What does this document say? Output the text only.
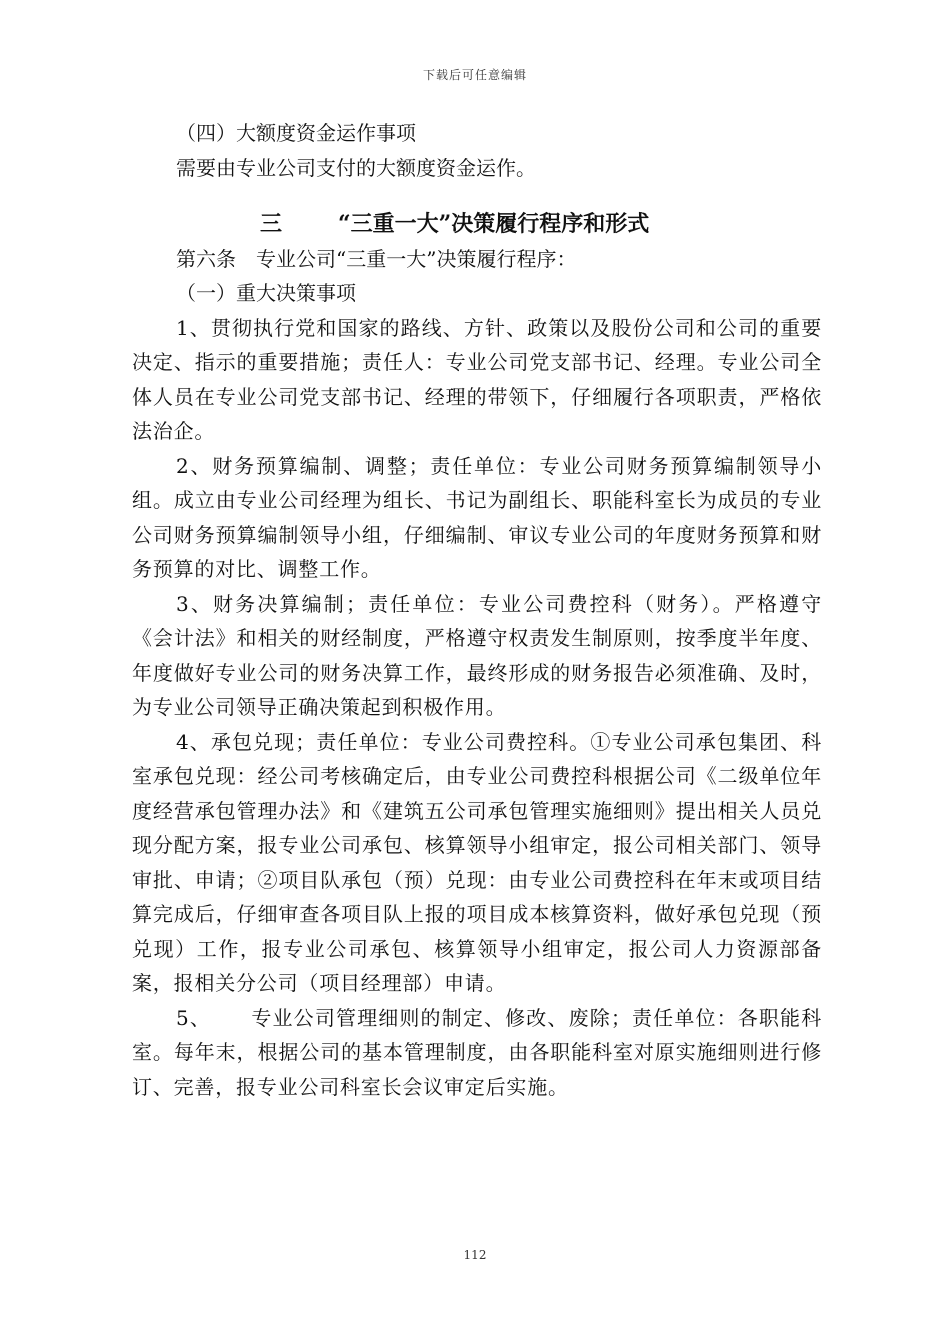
下载后可任意编辑

（四）大额度资金运作事项

需要由专业公司支付的大额度资金运作。

三	“三重一大”决策履行程序和形式

第六条　专业公司“三重一大”决策履行程序：

（一）重大决策事项

1、贯彻执行党和国家的路线、方针、政策以及股份公司和公司的重要决定、指示的重要措施；责任人：专业公司党支部书记、经理。专业公司全体人员在专业公司党支部书记、经理的带领下，仔细履行各项职责，严格依法治企。

2、财务预算编制、调整；责任单位：专业公司财务预算编制领导小组。成立由专业公司经理为组长、书记为副组长、职能科室长为成员的专业公司财务预算编制领导小组，仔细编制、审议专业公司的年度财务预算和财务预算的对比、调整工作。

3、财务决算编制；责任单位：专业公司费控科（财务）。严格遵守《会计法》和相关的财经制度，严格遵守权责发生制原则，按季度半年度、年度做好专业公司的财务决算工作，最终形成的财务报告必须准确、及时，为专业公司领导正确决策起到积极作用。

4、承包兑现；责任单位：专业公司费控科。①专业公司承包集团、科室承包兑现：经公司考核确定后，由专业公司费控科根据公司《二级单位年度经营承包管理办法》和《建筑五公司承包管理实施细则》提出相关人员兑现分配方案，报专业公司承包、核算领导小组审定，报公司相关部门、领导审批、申请；②项目队承包（预）兑现：由专业公司费控科在年末或项目结算完成后，仔细审查各项目队上报的项目成本核算资料，做好承包兑现（预兑现）工作，报专业公司承包、核算领导小组审定，报公司人力资源部备案，报相关分公司（项目经理部）申请。

5、 专业公司管理细则的制定、修改、废除；责任单位：各职能科室。每年末，根据公司的基本管理制度，由各职能科室对原实施细则进行修订、完善，报专业公司科室长会议审定后实施。

112
